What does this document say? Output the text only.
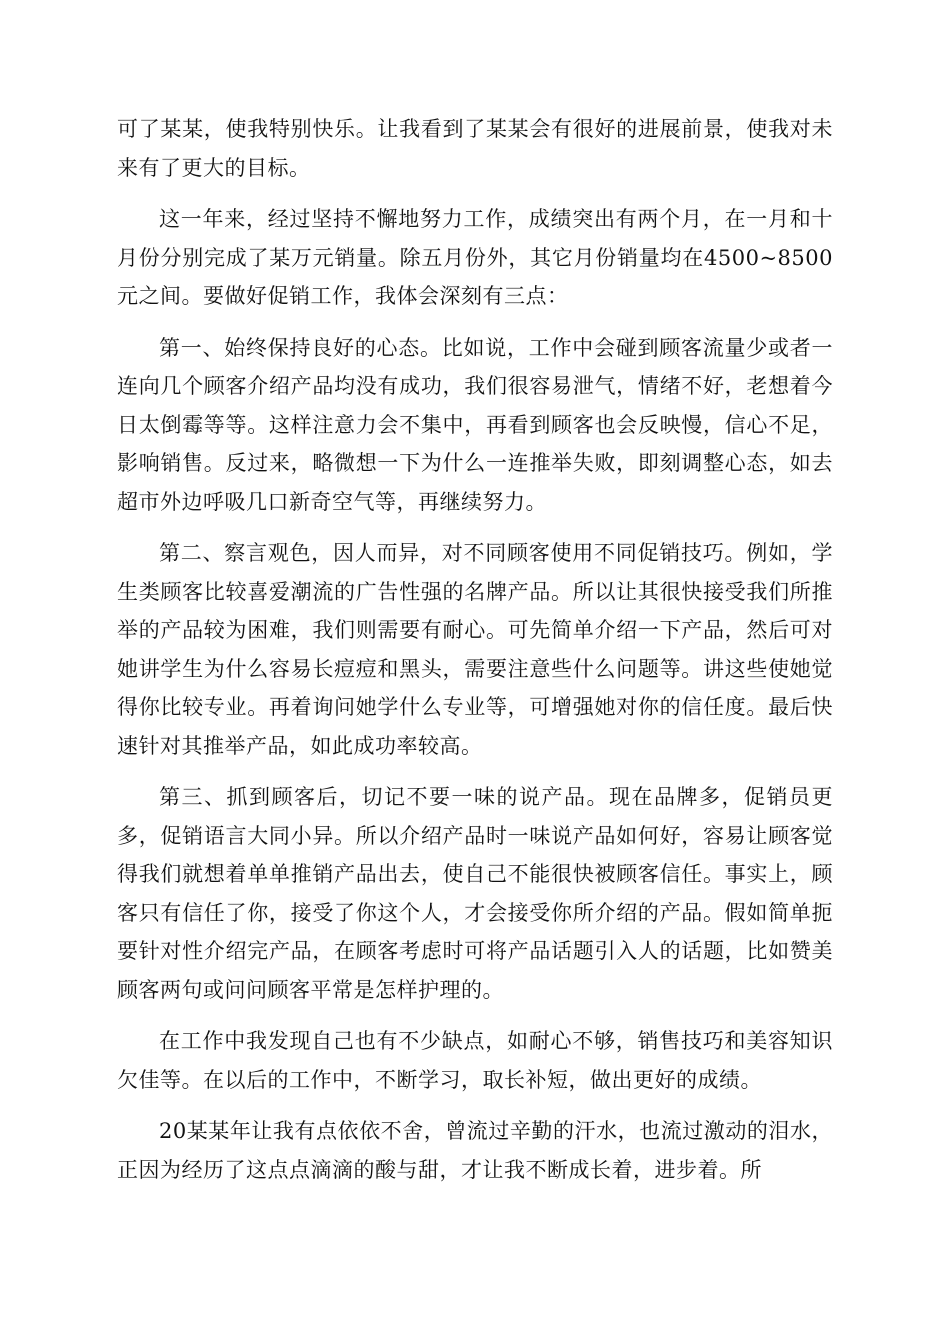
可了某某，使我特别快乐。让我看到了某某会有很好的进展前景，使我对未来有了更大的目标。

这一年来，经过坚持不懈地努力工作，成绩突出有两个月，在一月和十月份分别完成了某万元销量。除五月份外，其它月份销量均在4500~8500元之间。要做好促销工作，我体会深刻有三点：

第一、始终保持良好的心态。比如说，工作中会碰到顾客流量少或者一连向几个顾客介绍产品均没有成功，我们很容易泄气，情绪不好，老想着今日太倒霉等等。这样注意力会不集中，再看到顾客也会反映慢，信心不足，影响销售。反过来，略微想一下为什么一连推举失败，即刻调整心态，如去超市外边呼吸几口新奇空气等，再继续努力。

第二、察言观色，因人而异，对不同顾客使用不同促销技巧。例如，学生类顾客比较喜爱潮流的广告性强的名牌产品。所以让其很快接受我们所推举的产品较为困难，我们则需要有耐心。可先简单介绍一下产品，然后可对她讲学生为什么容易长痘痘和黑头，需要注意些什么问题等。讲这些使她觉得你比较专业。再着询问她学什么专业等，可增强她对你的信任度。最后快速针对其推举产品，如此成功率较高。

第三、抓到顾客后，切记不要一味的说产品。现在品牌多，促销员更多，促销语言大同小异。所以介绍产品时一味说产品如何好，容易让顾客觉得我们就想着单单推销产品出去，使自己不能很快被顾客信任。事实上，顾客只有信任了你，接受了你这个人，才会接受你所介绍的产品。假如简单扼要针对性介绍完产品，在顾客考虑时可将产品话题引入人的话题，比如赞美顾客两句或问问顾客平常是怎样护理的。

在工作中我发现自己也有不少缺点，如耐心不够，销售技巧和美容知识欠佳等。在以后的工作中，不断学习，取长补短，做出更好的成绩。

20某某年让我有点依依不舍，曾流过辛勤的汗水，也流过激动的泪水，正因为经历了这点点滴滴的酸与甜，才让我不断成长着，进步着。所
